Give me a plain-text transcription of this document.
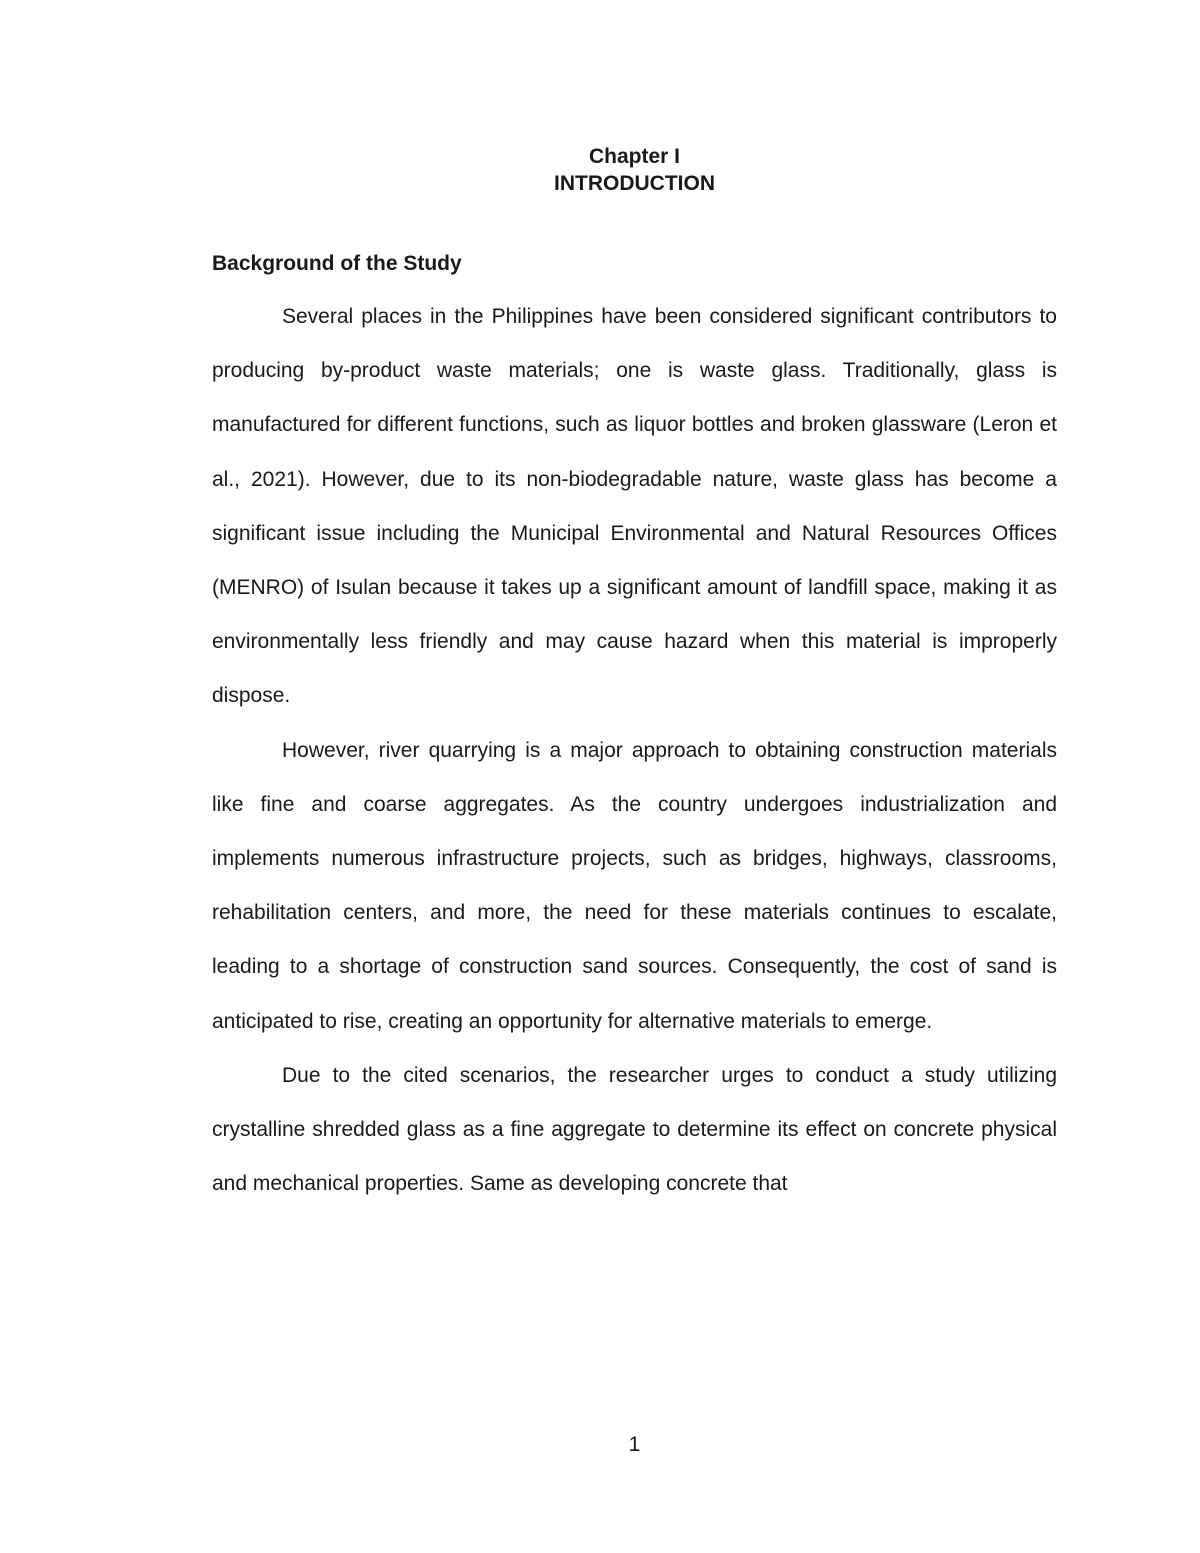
Chapter I
INTRODUCTION
Background of the Study

Several places in the Philippines have been considered significant contributors to producing by-product waste materials; one is waste glass. Traditionally, glass is manufactured for different functions, such as liquor bottles and broken glassware (Leron et al., 2021). However, due to its non-biodegradable nature, waste glass has become a significant issue including the Municipal Environmental and Natural Resources Offices (MENRO) of Isulan because it takes up a significant amount of landfill space, making it as environmentally less friendly and may cause hazard when this material is improperly dispose.

However, river quarrying is a major approach to obtaining construction materials like fine and coarse aggregates. As the country undergoes industrialization and implements numerous infrastructure projects, such as bridges, highways, classrooms, rehabilitation centers, and more, the need for these materials continues to escalate, leading to a shortage of construction sand sources. Consequently, the cost of sand is anticipated to rise, creating an opportunity for alternative materials to emerge.

Due to the cited scenarios, the researcher urges to conduct a study utilizing crystalline shredded glass as a fine aggregate to determine its effect on concrete physical and mechanical properties. Same as developing concrete that

1
